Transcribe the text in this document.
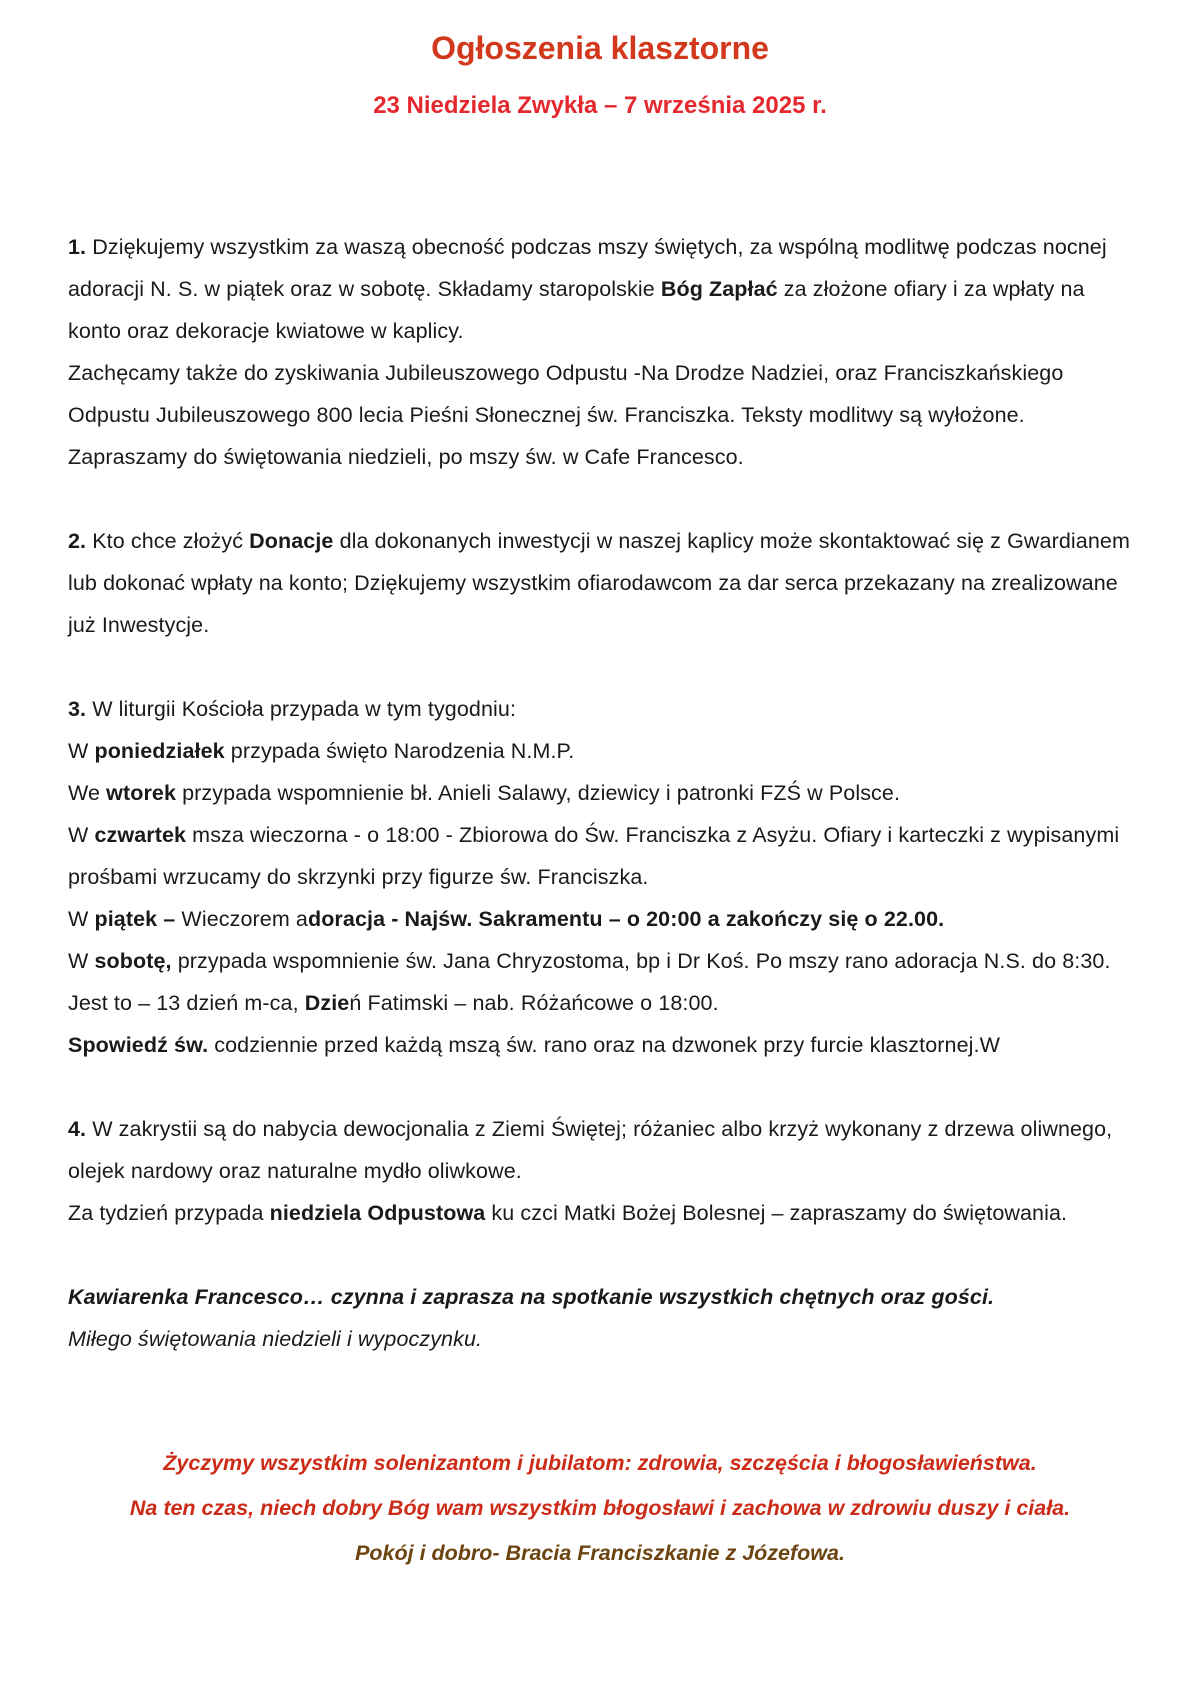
Ogłoszenia klasztorne
23 Niedziela Zwykła – 7 września 2025 r.

1. Dziękujemy wszystkim za waszą obecność podczas mszy świętych, za wspólną modlitwę podczas nocnej adoracji N. S. w piątek oraz w sobotę. Składamy staropolskie Bóg Zapłać za złożone ofiary i za wpłaty na konto oraz dekoracje kwiatowe w kaplicy.

Zachęcamy także do zyskiwania Jubileuszowego Odpustu -Na Drodze Nadziei, oraz Franciszkańskiego Odpustu Jubileuszowego 800 lecia Pieśni Słonecznej św. Franciszka. Teksty modlitwy są wyłożone. Zapraszamy do świętowania niedzieli, po mszy św. w Cafe Francesco.

2. Kto chce złożyć Donacje dla dokonanych inwestycji w naszej kaplicy może skontaktować się z Gwardianem lub dokonać wpłaty na konto; Dziękujemy wszystkim ofiarodawcom za dar serca przekazany na zrealizowane już Inwestycje.

3. W liturgii Kościoła przypada w tym tygodniu:

W poniedziałek przypada święto Narodzenia N.M.P.

We wtorek przypada wspomnienie bł. Anieli Salawy, dziewicy i patronki FZŚ w Polsce.

W czwartek msza wieczorna - o 18:00 - Zbiorowa do Św. Franciszka z Asyżu. Ofiary i karteczki z wypisanymi prośbami wrzucamy do skrzynki przy figurze św. Franciszka.

W piątek – Wieczorem adoracja - Najśw. Sakramentu – o 20:00 a zakończy się o 22.00.

W sobotę, przypada wspomnienie św. Jana Chryzostoma, bp i Dr Koś. Po mszy rano adoracja N.S. do 8:30. Jest to – 13 dzień m-ca, Dzień Fatimski – nab. Różańcowe o 18:00.

Spowiedź św. codziennie przed każdą mszą św. rano oraz na dzwonek przy furcie klasztornej.W

4. W zakrystii są do nabycia dewocjonalia z Ziemi Świętej; różaniec albo krzyż wykonany z drzewa oliwnego, olejek nardowy oraz naturalne mydło oliwkowe.

Za tydzień przypada niedziela Odpustowa ku czci Matki Bożej Bolesnej – zapraszamy do świętowania.

Kawiarenka Francesco… czynna i zaprasza na spotkanie wszystkich chętnych oraz gości.

Miłego świętowania niedzieli i wypoczynku.

Życzymy wszystkim solenizantom i jubilatom: zdrowia, szczęścia i błogosławieństwa.

Na ten czas, niech dobry Bóg wam wszystkim błogosławi i zachowa w zdrowiu duszy i ciała.

Pokój i dobro- Bracia Franciszkanie z Józefowa.
